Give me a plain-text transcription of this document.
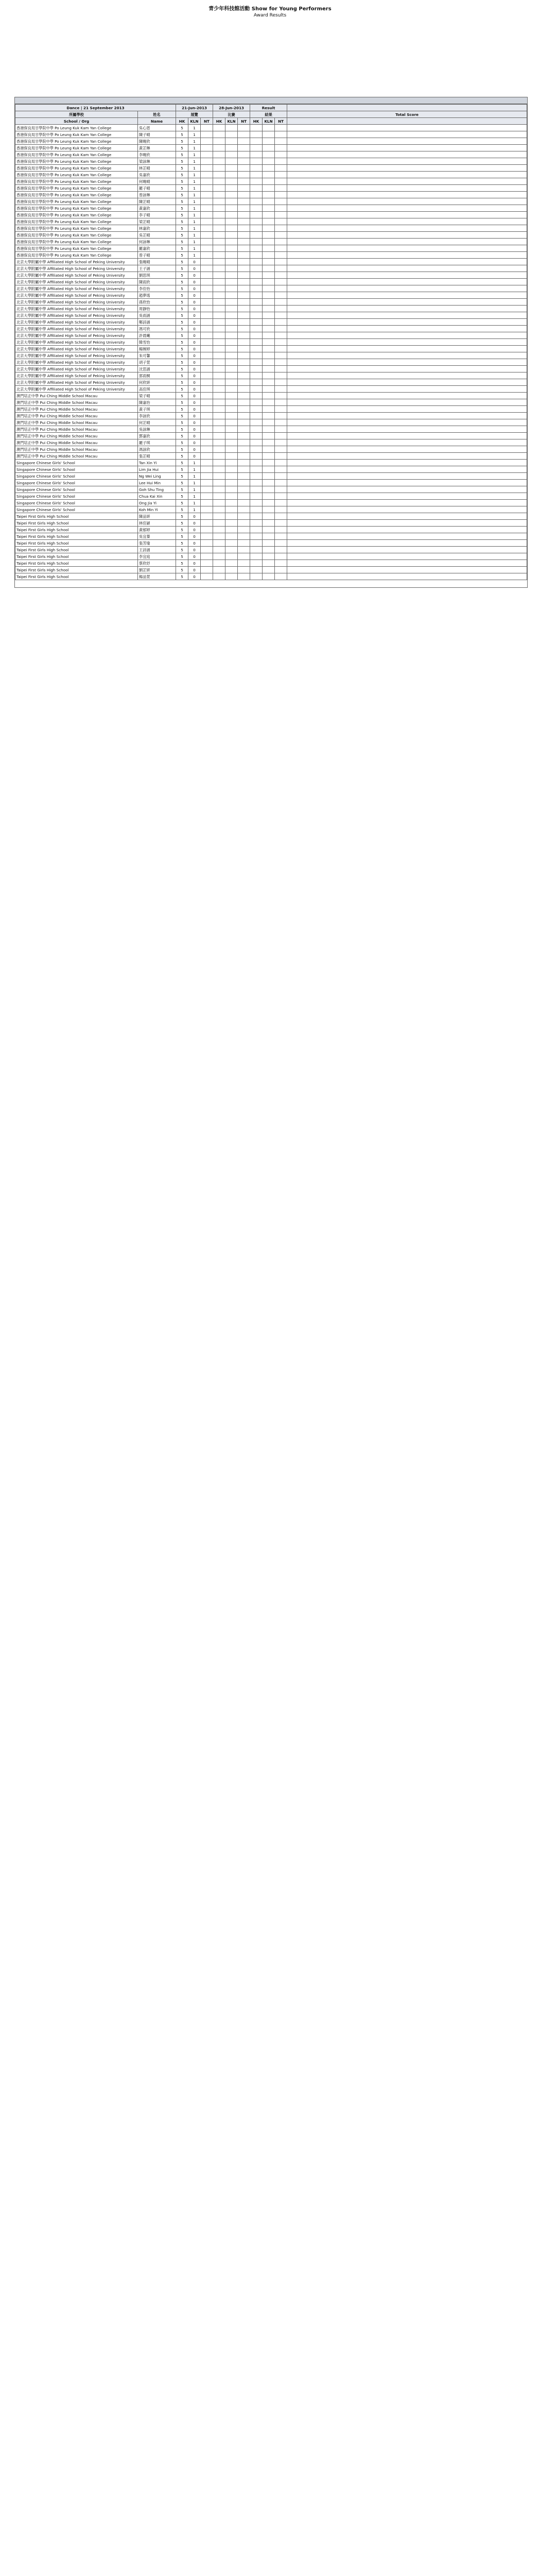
青少年科技館活動 Show for Young Performers
Award Results
Dance | 21 September 2013		21-Jun-2013			28-Jun-2013			Result			
所屬學校	姓名	展覽			比賽			結果			Total Score
School / Org	Name	HK	KLN	NT	HK	KLN	NT	HK	KLN	NT	
香港保良局甘學院中學 Po Leung Kuk Kam Yan College	吳心恩	5	1								
香港保良局甘學院中學 Po Leung Kuk Kam Yan College	陳子晴	5	1								
香港保良局甘學院中學 Po Leung Kuk Kam Yan College	陳曉欣	5	1								
香港保良局甘學院中學 Po Leung Kuk Kam Yan College	黃芷琳	5	1								
香港保良局甘學院中學 Po Leung Kuk Kam Yan College	李曉欣	5	1								
香港保良局甘學院中學 Po Leung Kuk Kam Yan College	梁詠琳	5	1								
香港保良局甘學院中學 Po Leung Kuk Kam Yan College	林芷晴	5	1								
香港保良局甘學院中學 Po Leung Kuk Kam Yan College	吳嘉欣	5	1								
香港保良局甘學院中學 Po Leung Kuk Kam Yan College	何曉晴	5	1								
香港保良局甘學院中學 Po Leung Kuk Kam Yan College	羅子晴	5	1								
香港保良局甘學院中學 Po Leung Kuk Kam Yan College	曾詠琳	5	1								
香港保良局甘學院中學 Po Leung Kuk Kam Yan College	陳芷晴	5	1								
香港保良局甘學院中學 Po Leung Kuk Kam Yan College	黃嘉欣	5	1								
香港保良局甘學院中學 Po Leung Kuk Kam Yan College	李子晴	5	1								
香港保良局甘學院中學 Po Leung Kuk Kam Yan College	梁芷晴	5	1								
香港保良局甘學院中學 Po Leung Kuk Kam Yan College	林嘉欣	5	1								
香港保良局甘學院中學 Po Leung Kuk Kam Yan College	吳芷晴	5	1								
香港保良局甘學院中學 Po Leung Kuk Kam Yan College	何詠琳	5	1								
香港保良局甘學院中學 Po Leung Kuk Kam Yan College	羅嘉欣	5	1								
香港保良局甘學院中學 Po Leung Kuk Kam Yan College	曾子晴	5	1								
北京大學附屬中學 Affiliated High School of Peking University	張曉晴	5	0								
北京大學附屬中學 Affiliated High School of Peking University	王子涵	5	0								
北京大學附屬中學 Affiliated High School of Peking University	劉思琪	5	0								
北京大學附屬中學 Affiliated High School of Peking University	陳雨欣	5	0								
北京大學附屬中學 Affiliated High School of Peking University	李佳怡	5	0								
北京大學附屬中學 Affiliated High School of Peking University	趙夢瑤	5	0								
北京大學附屬中學 Affiliated High School of Peking University	孫欣怡	5	0								
北京大學附屬中學 Affiliated High School of Peking University	周靜怡	5	0								
北京大學附屬中學 Affiliated High School of Peking University	吳雨涵	5	0								
北京大學附屬中學 Affiliated High School of Peking University	鄭詩涵	5	0								
北京大學附屬中學 Affiliated High School of Peking University	馮可欣	5	0								
北京大學附屬中學 Affiliated High School of Peking University	許晨曦	5	0								
北京大學附屬中學 Affiliated High School of Peking University	韓雪怡	5	0								
北京大學附屬中學 Affiliated High School of Peking University	楊婉婷	5	0								
北京大學附屬中學 Affiliated High School of Peking University	朱可馨	5	0								
北京大學附屬中學 Affiliated High School of Peking University	胡子萱	5	0								
北京大學附屬中學 Affiliated High School of Peking University	沈思涵	5	0								
北京大學附屬中學 Affiliated High School of Peking University	郭雨桐	5	0								
北京大學附屬中學 Affiliated High School of Peking University	何欣妍	5	0								
北京大學附屬中學 Affiliated High School of Peking University	高佳琪	5	0								
澳門培正中學 Pui Ching Middle School Macau	梁子晴	5	0								
澳門培正中學 Pui Ching Middle School Macau	陳嘉怡	5	0								
澳門培正中學 Pui Ching Middle School Macau	黃子琪	5	0								
澳門培正中學 Pui Ching Middle School Macau	李詠欣	5	0								
澳門培正中學 Pui Ching Middle School Macau	何芷晴	5	0								
澳門培正中學 Pui Ching Middle School Macau	吳詠琳	5	0								
澳門培正中學 Pui Ching Middle School Macau	鄧嘉欣	5	0								
澳門培正中學 Pui Ching Middle School Macau	羅子琪	5	0								
澳門培正中學 Pui Ching Middle School Macau	馮詠欣	5	0								
澳門培正中學 Pui Ching Middle School Macau	張芷晴	5	0								
Singapore Chinese Girls' School	Tan Xin Yi	5	1								
Singapore Chinese Girls' School	Lim Jia Hui	5	1								
Singapore Chinese Girls' School	Ng Wei Ling	5	1								
Singapore Chinese Girls' School	Lee Hui Min	5	1								
Singapore Chinese Girls' School	Goh Shu Ting	5	1								
Singapore Chinese Girls' School	Chua Kai Xin	5	1								
Singapore Chinese Girls' School	Ong Jia Yi	5	1								
Singapore Chinese Girls' School	Koh Min Yi	5	1								
Taipei First Girls High School	陳品妍	5	0								
Taipei First Girls High School	林佳穎	5	0								
Taipei First Girls High School	黃郁婷	5	0								
Taipei First Girls High School	吳宜蓁	5	0								
Taipei First Girls High School	張芳瑜	5	0								
Taipei First Girls High School	王詩涵	5	0								
Taipei First Girls High School	李宜庭	5	0								
Taipei First Girls High School	蔡欣妤	5	0								
Taipei First Girls High School	劉芷妍	5	0								
Taipei First Girls High School	楊品萱	5	0								
